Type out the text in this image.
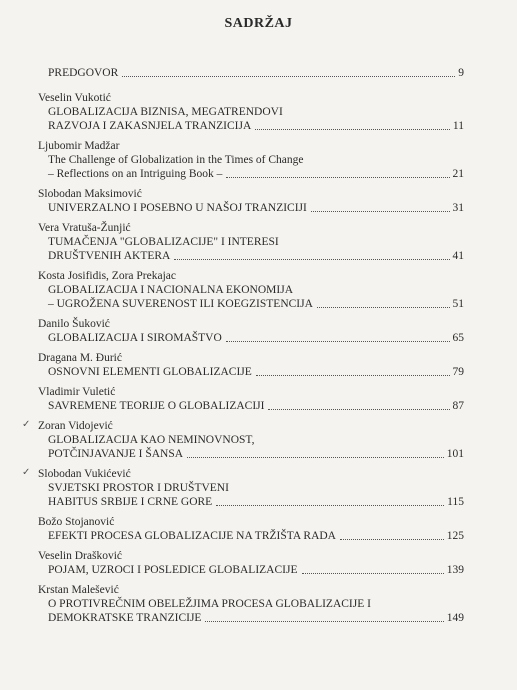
SADRŽAJ
PREDGOVOR	9
Veselin Vukotić
GLOBALIZACIJA BIZNISA, MEGATRENDOVI
RAZVOJA I ZAKASNJELA TRANZICIJA	11
Ljubomir Madžar
The Challenge of Globalization in the Times of Change
– Reflections on an Intriguing Book –	21
Slobodan Maksimović
UNIVERZALNO I POSEBNO U NAŠOJ TRANZICIJI	31
Vera Vratuša-Žunjić
TUMAČENJA "GLOBALIZACIJE" I INTERESI
DRUŠTVENIH AKTERA	41
Kosta Josifidis, Zora Prekajac
GLOBALIZACIJA I NACIONALNA EKONOMIJA
– UGROŽENA SUVERENOST ILI KOEGZISTENCIJA	51
Danilo Šuković
GLOBALIZACIJA I SIROMAŠTVO	65
Dragana M. Đurić
OSNOVNI ELEMENTI GLOBALIZACIJE	79
Vladimir Vuletić
SAVREMENE TEORIJE O GLOBALIZACIJI	87
✓ Zoran Vidojević
GLOBALIZACIJA KAO NEMINOVNOST,
POTČINJAVANJE I ŠANSA	101
✓ Slobodan Vukićević
SVJETSKI PROSTOR I DRUŠTVENI
HABITUS SRBIJE I CRNE GORE	115
Božo Stojanović
EFEKTI PROCESA GLOBALIZACIJE NA TRŽIŠTA RADA	125
Veselin Drašković
POJAM, UZROCI I POSLEDICE GLOBALIZACIJE	139
Krstan Malešević
O PROTIVREČNIM OBELEŽJIMA PROCESA GLOBALIZACIJE I
DEMOKRATSKE TRANZICIJE	149
